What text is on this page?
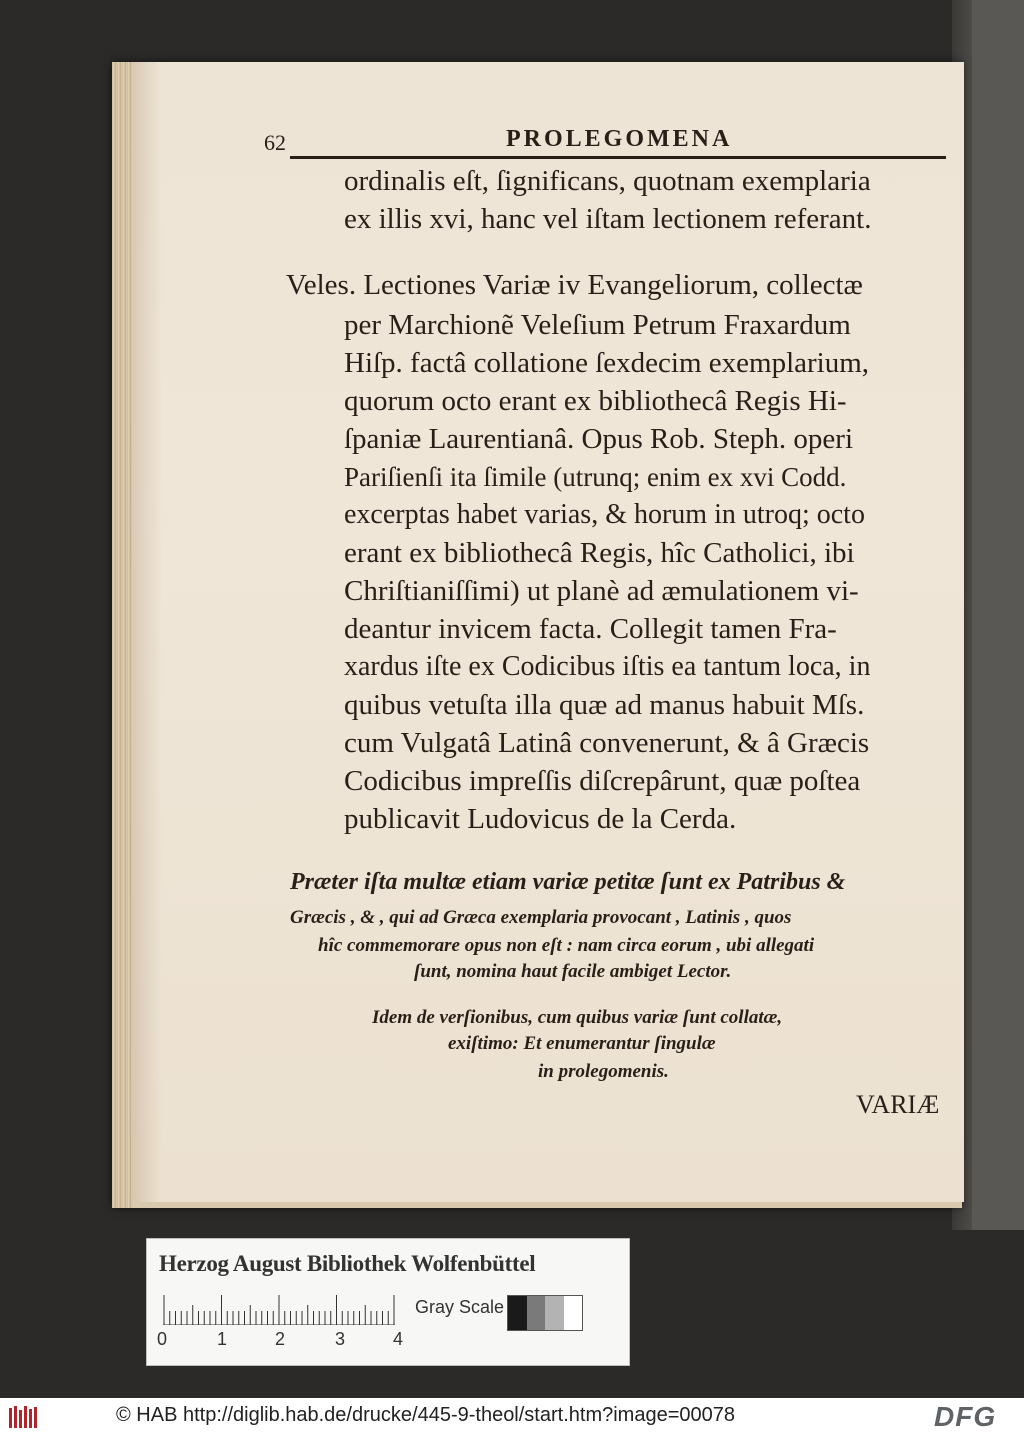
62	PROLEGOMENA
ordinalis eſt, ſignificans, quotnam exemplaria
ex illis xvi, hanc vel iſtam lectionem referant.
Veles. Lectiones Variæ iv Evangeliorum, collectæ
per Marchionẽ Veleſium Petrum Fraxardum
Hiſp. factâ collatione ſexdecim exemplarium,
quorum octo erant ex bibliothecâ Regis Hi-
ſpaniæ Laurentianâ. Opus Rob. Steph. operi
Pariſienſi ita ſimile (utrunq; enim ex xvi Codd.
excerptas habet varias, & horum in utroq; octo
erant ex bibliothecâ Regis, hîc Catholici, ibi
Chriſtianiſſimi) ut planè ad æmulationem vi-
deantur invicem facta. Collegit tamen Fra-
xardus iſte ex Codicibus iſtis ea tantum loca, in
quibus vetuſta illa quæ ad manus habuit Mſs.
cum Vulgatâ Latinâ convenerunt, & â Græcis
Codicibus impreſſis diſcrepârunt, quæ poſtea
publicavit Ludovicus de la Cerda.
Præter iſta multæ etiam variæ petitæ ſunt ex Patribus &
Græcis , & , qui ad Græca exemplaria provocant , Latinis , quos
hîc commemorare opus non eſt : nam circa eorum , ubi allegati
ſunt, nomina haut facile ambiget Lector.
Idem de verſionibus, cum quibus variæ ſunt collatæ,
exiſtimo: Et enumerantur ſingulæ
in prolegomenis.
VARIÆ
Herzog August Bibliothek Wolfenbüttel
0	1	2	3	4
Gray Scale
© HAB http://diglib.hab.de/drucke/445-9-theol/start.htm?image=00078	DFG
